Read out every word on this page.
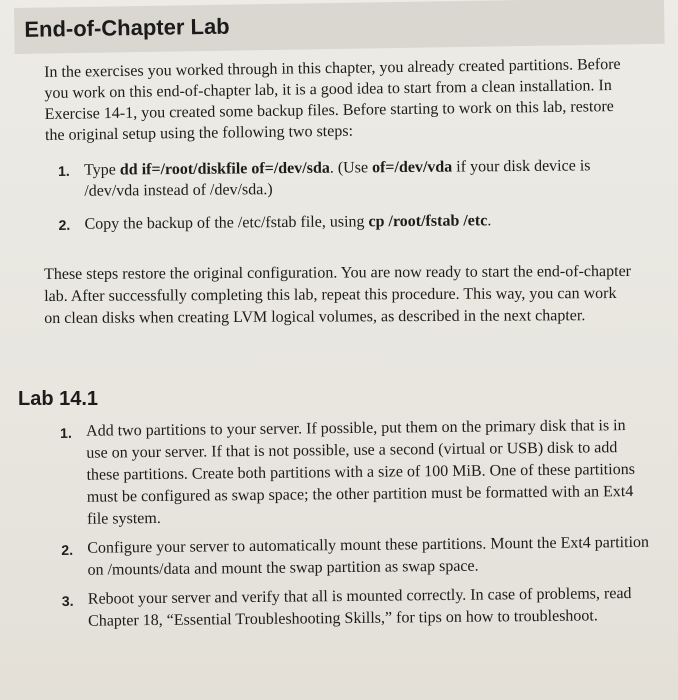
End-of-Chapter Lab

In the exercises you worked through in this chapter, you already created partitions. Before you work on this end-of-chapter lab, it is a good idea to start from a clean installation. In Exercise 14-1, you created some backup files. Before starting to work on this lab, restore the original setup using the following two steps:

1. Type dd if=/root/diskfile of=/dev/sda. (Use of=/dev/vda if your disk device is /dev/vda instead of /dev/sda.)
2. Copy the backup of the /etc/fstab file, using cp /root/fstab /etc.

These steps restore the original configuration. You are now ready to start the end-of-chapter lab. After successfully completing this lab, repeat this procedure. This way, you can work on clean disks when creating LVM logical volumes, as described in the next chapter.

Lab 14.1
1. Add two partitions to your server. If possible, put them on the primary disk that is in use on your server. If that is not possible, use a second (virtual or USB) disk to add these partitions. Create both partitions with a size of 100 MiB. One of these partitions must be configured as swap space; the other partition must be formatted with an Ext4 file system.
2. Configure your server to automatically mount these partitions. Mount the Ext4 partition on /mounts/data and mount the swap partition as swap space.
3. Reboot your server and verify that all is mounted correctly. In case of problems, read Chapter 18, “Essential Troubleshooting Skills,” for tips on how to troubleshoot.
